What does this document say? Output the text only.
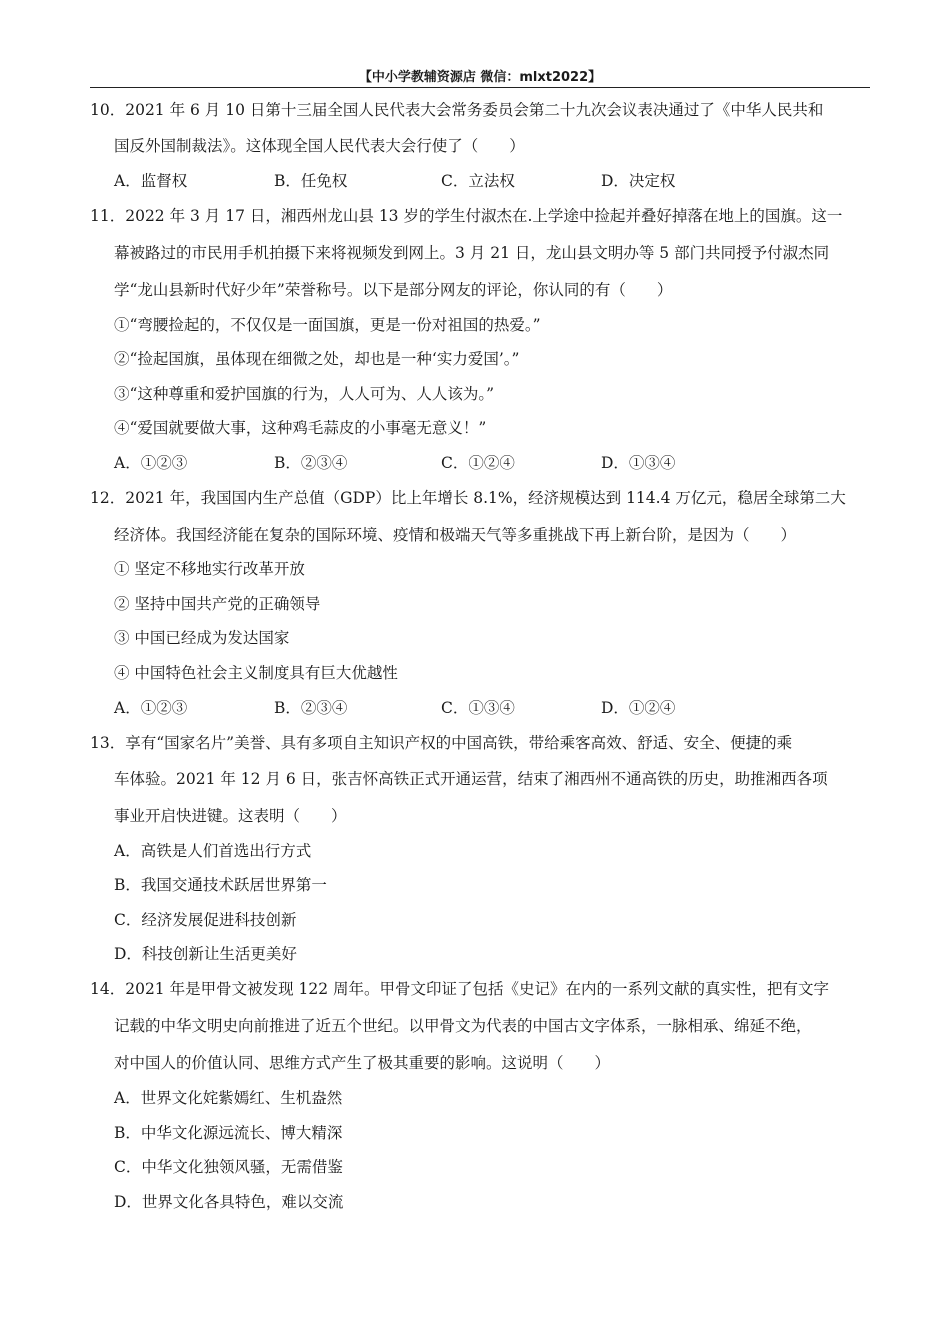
【中小学教辅资源店 微信：mlxt2022】
10．2021 年 6 月 10 日第十三届全国人民代表大会常务委员会第二十九次会议表决通过了《中华人民共和
国反外国制裁法》。这体现全国人民代表大会行使了（　　）
A．监督权	B．任免权	C．立法权	D．决定权
11．2022 年 3 月 17 日，湘西州龙山县 13 岁的学生付淑杰在.上学途中捡起并叠好掉落在地上的国旗。这一
幕被路过的市民用手机拍摄下来将视频发到网上。3 月 21 日，龙山县文明办等 5 部门共同授予付淑杰同
学“龙山县新时代好少年”荣誉称号。以下是部分网友的评论，你认同的有（　　）
①“弯腰捡起的，不仅仅是一面国旗，更是一份对祖国的热爱。”
②“捡起国旗，虽体现在细微之处，却也是一种‘实力爱国’。”
③“这种尊重和爱护国旗的行为，人人可为、人人该为。”
④“爱国就要做大事，这种鸡毛蒜皮的小事毫无意义！”
A．①②③	B．②③④	C．①②④	D．①③④
12．2021 年，我国国内生产总值（GDP）比上年增长 8.1%，经济规模达到 114.4 万亿元，稳居全球第二大
经济体。我国经济能在复杂的国际环境、疫情和极端天气等多重挑战下再上新台阶，是因为（　　）
① 坚定不移地实行改革开放
② 坚持中国共产党的正确领导
③ 中国已经成为发达国家
④ 中国特色社会主义制度具有巨大优越性
A．①②③	B．②③④	C．①③④	D．①②④
13．享有“国家名片”美誉、具有多项自主知识产权的中国高铁，带给乘客高效、舒适、安全、便捷的乘
车体验。2021 年 12 月 6 日，张吉怀高铁正式开通运营，结束了湘西州不通高铁的历史，助推湘西各项
事业开启快进键。这表明（　　）
A．高铁是人们首选出行方式
B．我国交通技术跃居世界第一
C．经济发展促进科技创新
D．科技创新让生活更美好
14．2021 年是甲骨文被发现 122 周年。甲骨文印证了包括《史记》在内的一系列文献的真实性，把有文字
记载的中华文明史向前推进了近五个世纪。以甲骨文为代表的中国古文字体系，一脉相承、绵延不绝，
对中国人的价值认同、思维方式产生了极其重要的影响。这说明（　　）
A．世界文化姹紫嫣红、生机盎然
B．中华文化源远流长、博大精深
C．中华文化独领风骚，无需借鉴
D．世界文化各具特色，难以交流
